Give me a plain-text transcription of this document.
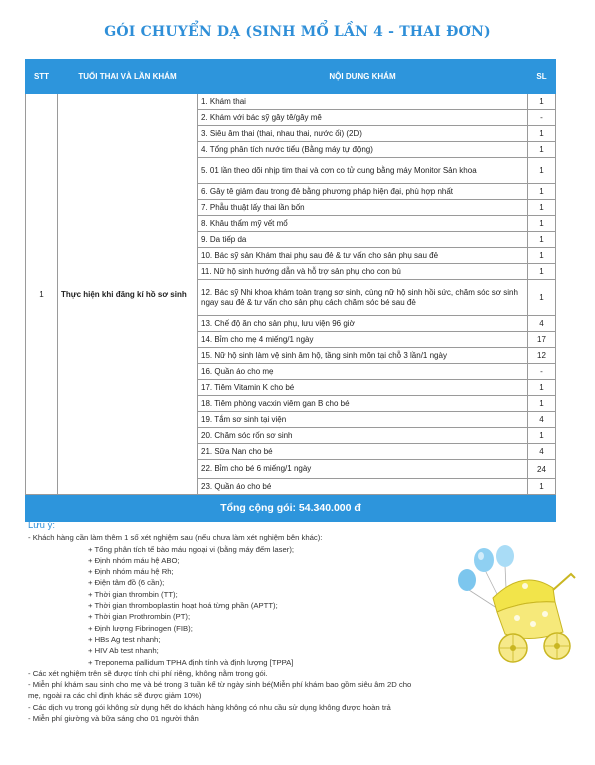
GÓI CHUYỂN DẠ (SINH MỔ LẦN 4 - THAI ĐƠN)
STT	TUỔI THAI VÀ LẦN KHÁM	NỘI DUNG KHÁM	SL
1	Thực hiện khi đăng kí hồ sơ sinh	1. Khám thai	1
		2. Khám với bác sỹ gây tê/gây mê	-
		3. Siêu âm thai (thai, nhau thai, nước ối) (2D)	1
		4. Tổng phân tích nước tiểu (Bằng máy tự động)	1
		5. 01 lần theo dõi nhịp tim thai và cơn co tử cung bằng máy Monitor Sản khoa	1
		6. Gây tê giảm đau trong đẻ bằng phương pháp hiện đại, phù hợp nhất	1
		7. Phẫu thuật lấy thai lần bốn	1
		8. Khâu thẩm mỹ vết mổ	1
		9. Da tiếp da	1
		10. Bác sỹ sản Khám thai phụ sau đẻ & tư vấn cho sản phụ sau đẻ	1
		11. Nữ hộ sinh hướng dẫn và hỗ trợ sản phụ cho con bú	1
		12. Bác sỹ Nhi khoa khám toàn trạng sơ sinh, cùng nữ hộ sinh hồi sức, chăm sóc sơ sinh ngay sau đẻ & tư vấn cho sản phụ cách chăm sóc bé sau đẻ	1
		13. Chế độ ăn cho sản phụ, lưu viện 96 giờ	4
		14. Bỉm cho mẹ 4 miếng/1 ngày	17
		15. Nữ hộ sinh làm vệ sinh âm hộ, tầng sinh môn tại chỗ 3 lần/1 ngày	12
		16. Quần áo cho mẹ	-
		17. Tiêm Vitamin K cho bé	1
		18. Tiêm phòng vacxin viêm gan B cho bé	1
		19. Tắm sơ sinh tại viện	4
		20. Chăm sóc rốn sơ sinh	1
		21. Sữa Nan cho bé	4
		22. Bỉm cho bé 6 miếng/1 ngày	24
		23. Quần áo cho bé	1
Tổng cộng gói: 54.340.000 đ			
Lưu ý:
- Khách hàng cần làm thêm 1 số xét nghiệm sau (nếu chưa làm xét nghiệm bên khác):
+ Tổng phân tích tế bào máu ngoại vi (bằng máy đếm laser);
+ Định nhóm máu hệ ABO;
+ Định nhóm máu hệ Rh;
+ Điện tâm đồ (6 cần);
+ Thời gian thrombin (TT);
+ Thời gian thromboplastin hoạt hoá từng phần (APTT);
+ Thời gian Prothrombin (PT);
+ Định lượng Fibrinogen (FIB);
+ HBs Ag test nhanh;
+ HIV Ab test nhanh;
+ Treponema pallidum TPHA định tính và định lượng [TPPA]
- Các xét nghiệm trên sẽ được tính chi phí riêng, không nằm trong gói.
- Miễn phí khám sau sinh cho mẹ và bé trong 3 tuần kể từ ngày sinh bé(Miễn phí khám bao gồm siêu âm 2D cho
mẹ, ngoài ra các chỉ định khác sẽ được giảm 10%)
- Các dịch vụ trong gói không sử dụng hết do khách hàng không có nhu cầu sử dụng không được hoàn trả
- Miễn phí giường và bữa sáng cho 01 người thân
